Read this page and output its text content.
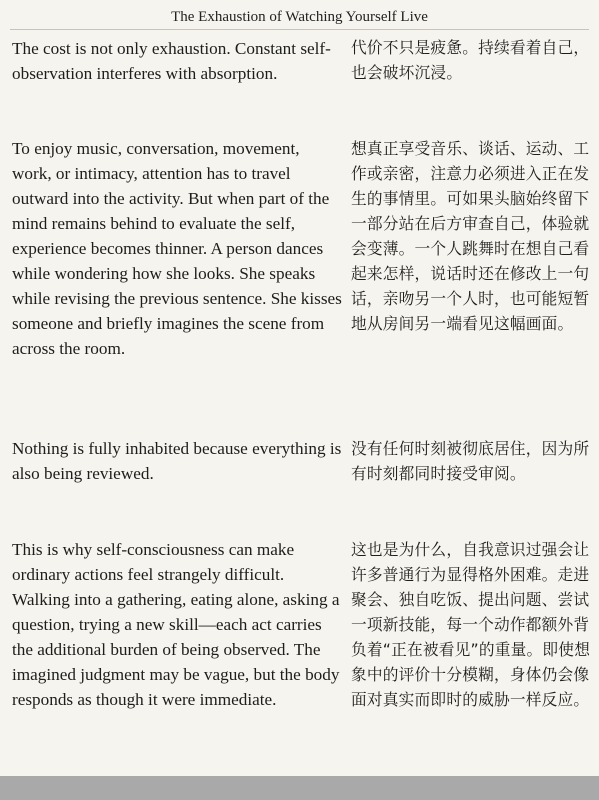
The Exhaustion of Watching Yourself Live

The cost is not only exhaustion. Constant self-observation interferes with absorption.

代价不只是疲惫。持续看着自己，也会破坏沉浸。

To enjoy music, conversation, movement, work, or intimacy, attention has to travel outward into the activity. But when part of the mind remains behind to evaluate the self, experience becomes thinner. A person dances while wondering how she looks. She speaks while revising the previous sentence. She kisses someone and briefly imagines the scene from across the room.

想真正享受音乐、谈话、运动、工作或亲密，注意力必须进入正在发生的事情里。可如果头脑始终留下一部分站在后方审查自己，体验就会变薄。一个人跳舞时在想自己看起来怎样，说话时还在修改上一句话，亲吻另一个人时，也可能短暂地从房间另一端看见这幅画面。

Nothing is fully inhabited because everything is also being reviewed.

没有任何时刻被彻底居住，因为所有时刻都同时接受审阅。

This is why self-consciousness can make ordinary actions feel strangely difficult. Walking into a gathering, eating alone, asking a question, trying a new skill—each act carries the additional burden of being observed. The imagined judgment may be vague, but the body responds as though it were immediate.

这也是为什么，自我意识过强会让许多普通行为显得格外困难。走进聚会、独自吃饭、提出问题、尝试一项新技能，每一个动作都额外背负着“正在被看见”的重量。即使想象中的评价十分模糊，身体仍会像面对真实而即时的威胁一样反应。
